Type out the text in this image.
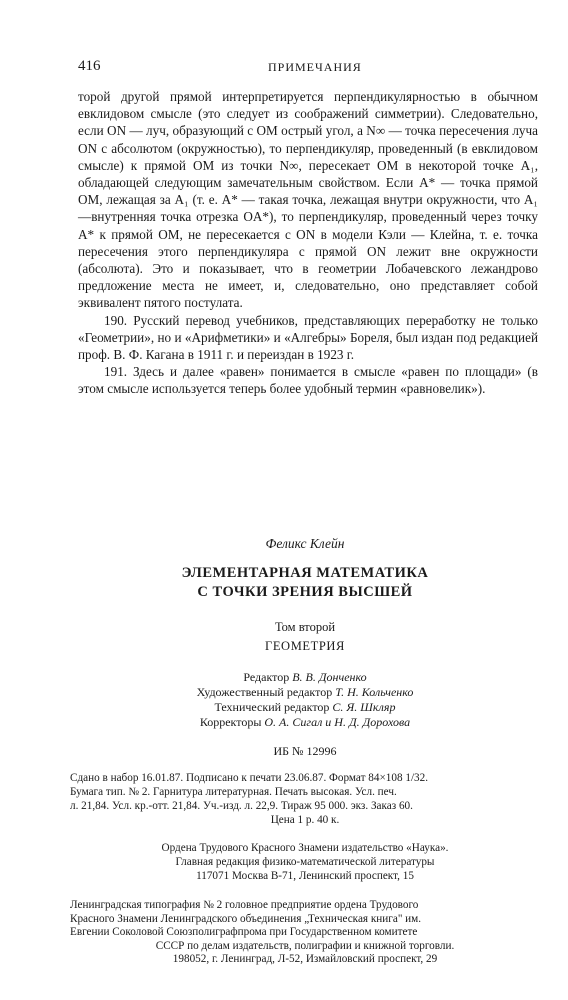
416	ПРИМЕЧАНИЯ

торой другой прямой интерпретируется перпендикулярностью в обычном евклидовом смысле (это следует из соображений симметрии). Следовательно, если ON — луч, образующий с OM острый угол, а N∞ — точка пересечения луча ON с абсолютом (окружностью), то перпендикуляр, проведенный (в евклидовом смысле) к прямой OM из точки N∞, пересекает OM в некоторой точке A₁, обладающей следующим замечательным свойством. Если A* — точка прямой OM, лежащая за A₁ (т. е. A* — такая точка, лежащая внутри окружности, что A₁—внутренняя точка отрезка OA*), то перпендикуляр, проведенный через точку A* к прямой OM, не пересекается с ON в модели Кэли — Клейна, т. е. точка пересечения этого перпендикуляра с прямой ON лежит вне окружности (абсолюта). Это и показывает, что в геометрии Лобачевского лежандрово предложение места не имеет, и, следовательно, оно представляет собой эквивалент пятого постулата.

190. Русский перевод учебников, представляющих переработку не только «Геометрии», но и «Арифметики» и «Алгебры» Бореля, был издан под редакцией проф. В. Ф. Кагана в 1911 г. и переиздан в 1923 г.

191. Здесь и далее «равен» понимается в смысле «равен по площади» (в этом смысле используется теперь более удобный термин «равновелик»).

Феликс Клейн

ЭЛЕМЕНТАРНАЯ МАТЕМАТИКА

С ТОЧКИ ЗРЕНИЯ ВЫСШЕЙ

Том второй

ГЕОМЕТРИЯ

Редактор В. В. Донченко
Художественный редактор Т. Н. Кольченко
Технический редактор С. Я. Шкляр
Корректоры О. А. Сигал и Н. Д. Дорохова
ИБ № 12996
Сдано в набор 16.01.87. Подписано к печати 23.06.87. Формат 84×108 1/32.
Бумага тип. № 2. Гарнитура литературная. Печать высокая. Усл. печ.
л. 21,84. Усл. кр.-отт. 21,84. Уч.-изд. л. 22,9. Тираж 95 000. экз. Заказ 60.
Цена 1 р. 40 к.
Ордена Трудового Красного Знамени издательство «Наука».
Главная редакция физико-математической литературы
117071 Москва В-71, Ленинский проспект, 15
Ленинградская типография № 2 головное предприятие ордена Трудового
Красного Знамени Ленинградского объединения „Техническая книга" им.
Евгении Соколовой Союзполиграфпрома при Государственном комитете
СССР по делам издательств, полиграфии и книжной торговли.
198052, г. Ленинград, Л-52, Измайловский проспект, 29
